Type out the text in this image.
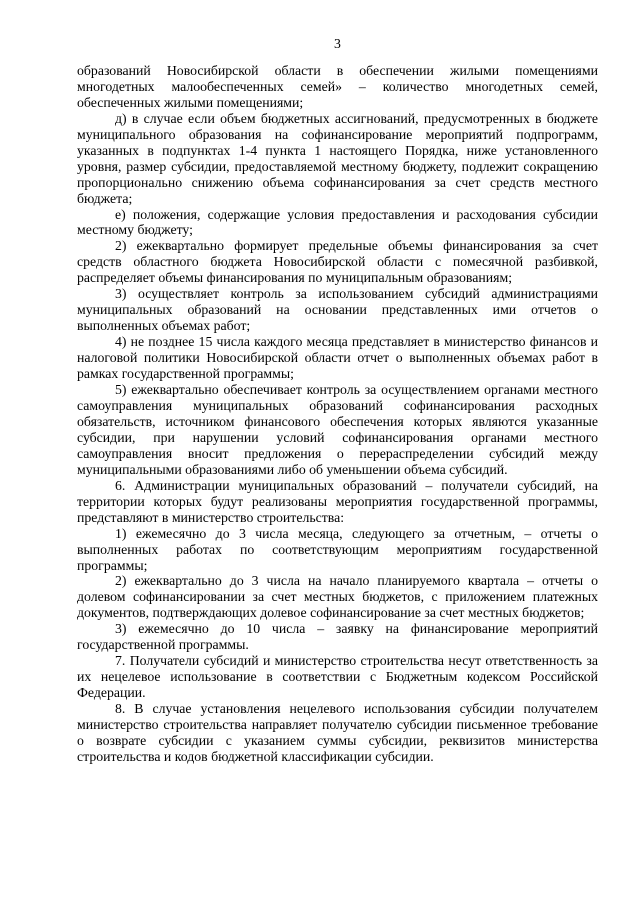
3

образований Новосибирской области в обеспечении жилыми помещениями многодетных малообеспеченных семей» – количество многодетных семей, обеспеченных жилыми помещениями;

д) в случае если объем бюджетных ассигнований, предусмотренных в бюджете муниципального образования на софинансирование мероприятий подпрограмм, указанных в подпунктах 1-4 пункта 1 настоящего Порядка, ниже установленного уровня, размер субсидии, предоставляемой местному бюджету, подлежит сокращению пропорционально снижению объема софинансирования за счет средств местного бюджета;

е) положения, содержащие условия предоставления и расходования субсидии местному бюджету;

2) ежеквартально формирует предельные объемы финансирования за счет средств областного бюджета Новосибирской области с помесячной разбивкой, распределяет объемы финансирования по муниципальным образованиям;

3) осуществляет контроль за использованием субсидий администрациями муниципальных образований на основании представленных ими отчетов о выполненных объемах работ;

4) не позднее 15 числа каждого месяца представляет в министерство финансов и налоговой политики Новосибирской области отчет о выполненных объемах работ в рамках государственной программы;

5) ежеквартально обеспечивает контроль за осуществлением органами местного самоуправления муниципальных образований софинансирования расходных обязательств, источником финансового обеспечения которых являются указанные субсидии, при нарушении условий софинансирования органами местного самоуправления вносит предложения о перераспределении субсидий между муниципальными образованиями либо об уменьшении объема субсидий.

6. Администрации муниципальных образований – получатели субсидий, на территории которых будут реализованы мероприятия государственной программы, представляют в министерство строительства:

1) ежемесячно до 3 числа месяца, следующего за отчетным, – отчеты о выполненных работах по соответствующим мероприятиям государственной программы;

2) ежеквартально до 3 числа на начало планируемого квартала – отчеты о долевом софинансировании за счет местных бюджетов, с приложением платежных документов, подтверждающих долевое софинансирование за счет местных бюджетов;

3) ежемесячно до 10 числа – заявку на финансирование мероприятий государственной программы.

7. Получатели субсидий и министерство строительства несут ответственность за их нецелевое использование в соответствии с Бюджетным кодексом Российской Федерации.

8. В случае установления нецелевого использования субсидии получателем министерство строительства направляет получателю субсидии письменное требование о возврате субсидии с указанием суммы субсидии, реквизитов министерства строительства и кодов бюджетной классификации субсидии.
